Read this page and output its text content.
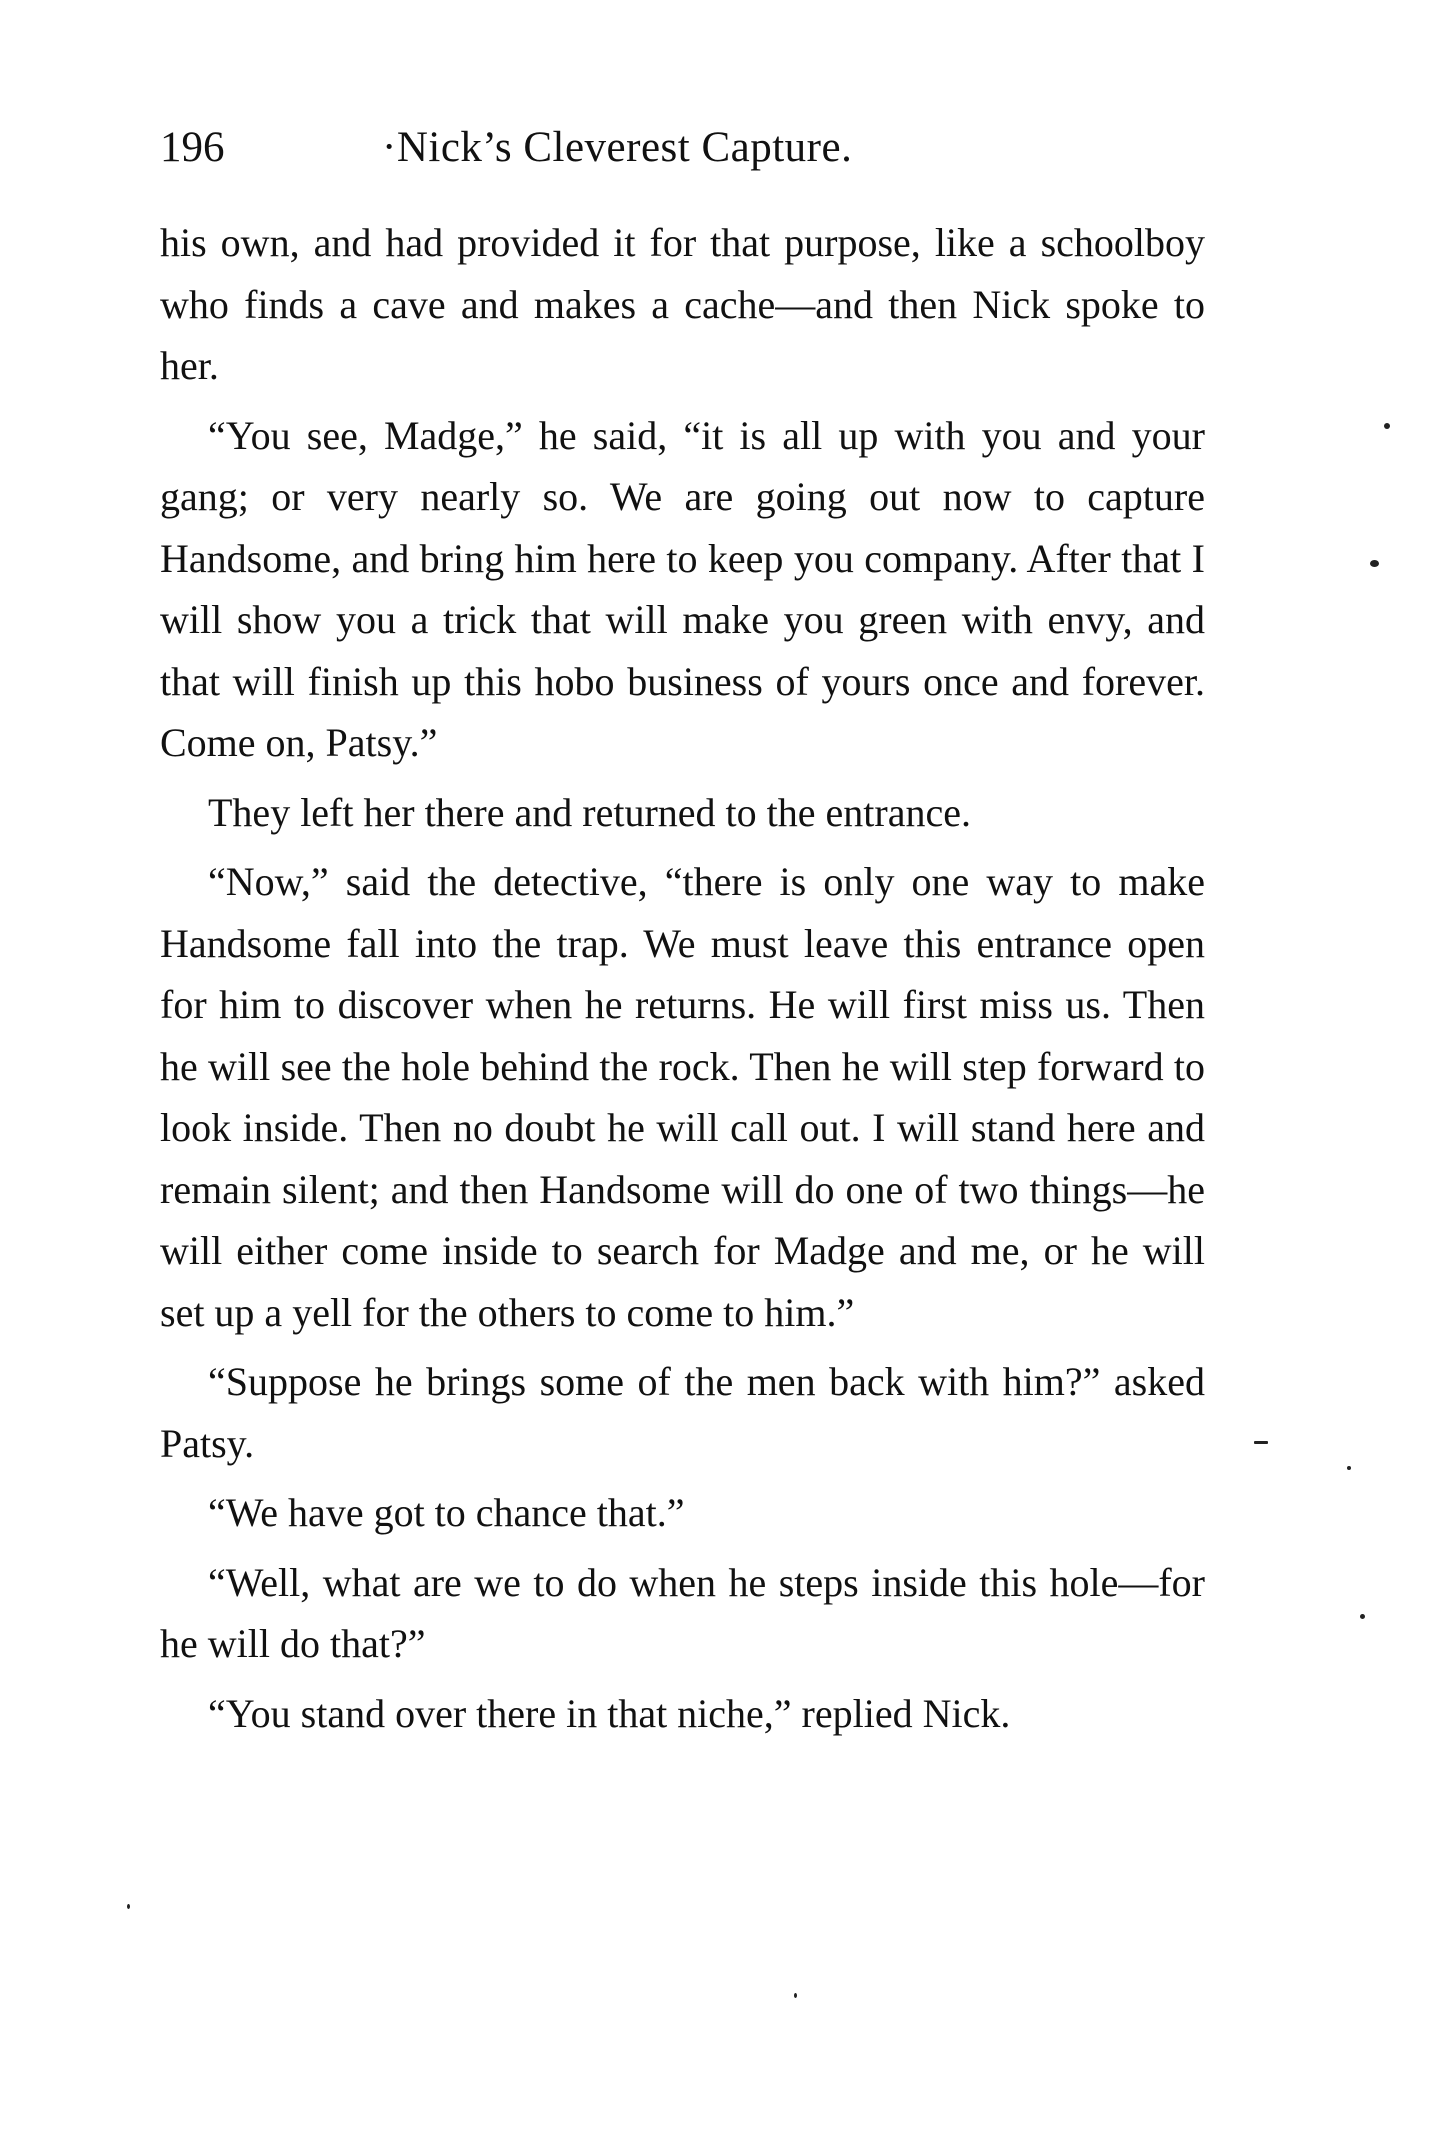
196	·Nick’s Cleverest Capture.

his own, and had provided it for that purpose, like a schoolboy who finds a cave and makes a cache—and then Nick spoke to her.

“You see, Madge,” he said, “it is all up with you and your gang; or very nearly so. We are going out now to capture Handsome, and bring him here to keep you company. After that I will show you a trick that will make you green with envy, and that will finish up this hobo business of yours once and forever. Come on, Patsy.”

They left her there and returned to the entrance.

“Now,” said the detective, “there is only one way to make Handsome fall into the trap. We must leave this entrance open for him to discover when he returns. He will first miss us. Then he will see the hole behind the rock. Then he will step forward to look inside. Then no doubt he will call out. I will stand here and remain silent; and then Handsome will do one of two things—he will either come inside to search for Madge and me, or he will set up a yell for the others to come to him.”

“Suppose he brings some of the men back with him?” asked Patsy.

“We have got to chance that.”

“Well, what are we to do when he steps inside this hole—for he will do that?”

“You stand over there in that niche,” replied Nick.
